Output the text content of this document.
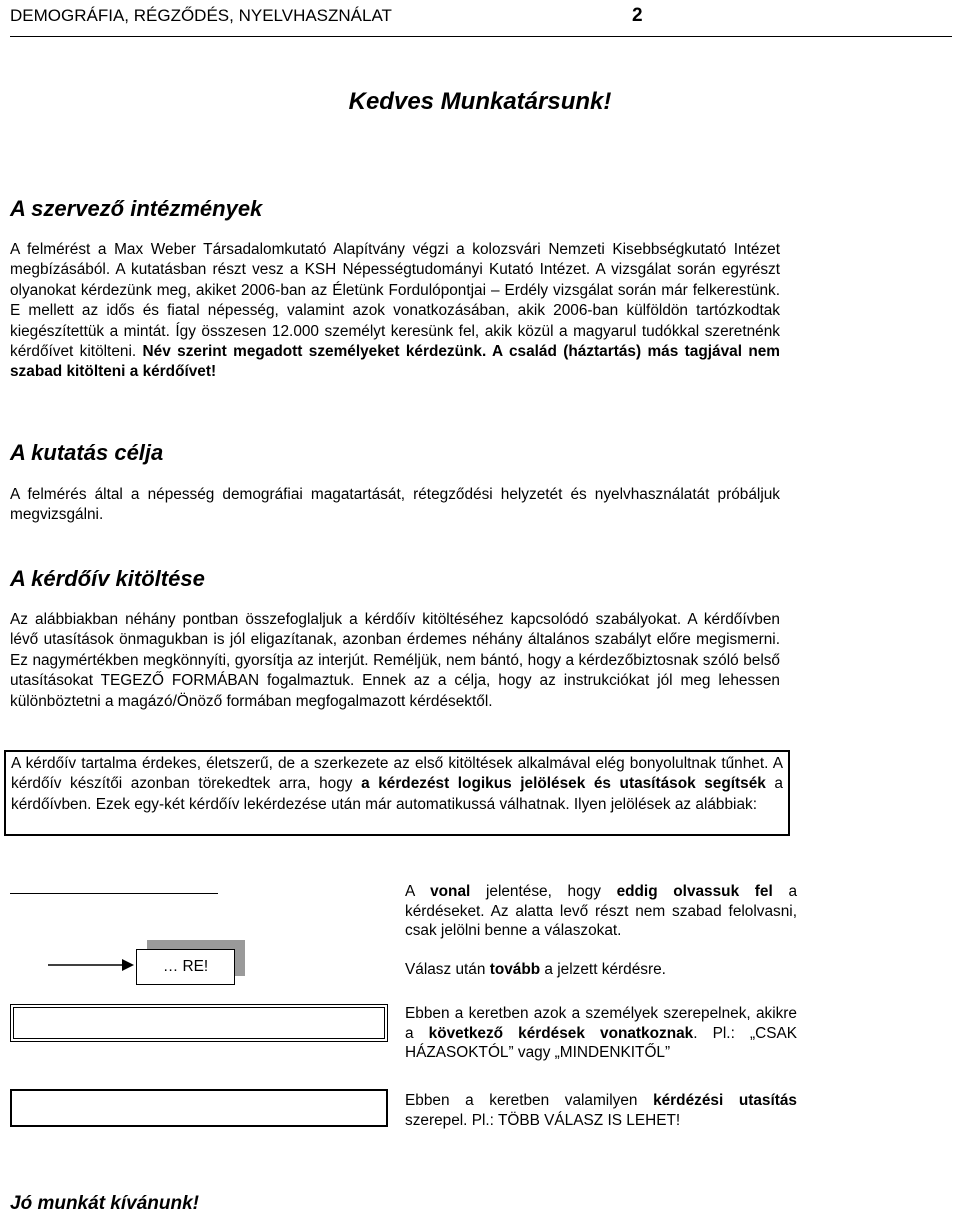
DEMOGRÁFIA, RÉGZŐDÉS, NYELVHASZNÁLAT	2
Kedves Munkatársunk!
A szervező intézmények
A felmérést a Max Weber Társadalomkutató Alapítvány végzi a kolozsvári Nemzeti Kisebbségkutató Intézet megbízásából. A kutatásban részt vesz a KSH Népességtudományi Kutató Intézet. A vizsgálat során egyrészt olyanokat kérdezünk meg, akiket 2006-ban az Életünk Fordulópontjai – Erdély vizsgálat során már felkerestünk. E mellett az idős és fiatal népesség, valamint azok vonatkozásában, akik 2006-ban külföldön tartózkodtak kiegészítettük a mintát. Így összesen 12.000 személyt keresünk fel, akik közül a magyarul tudókkal szeretnénk kérdőívet kitölteni. Név szerint megadott személyeket kérdezünk. A család (háztartás) más tagjával nem szabad kitölteni a kérdőívet!
A kutatás célja
A felmérés által a népesség demográfiai magatartását, rétegződési helyzetét és nyelvhasználatát próbáljuk megvizsgálni.
A kérdőív kitöltése
Az alábbiakban néhány pontban összefoglaljuk a kérdőív kitöltéséhez kapcsolódó szabályokat. A kérdőívben lévő utasítások önmagukban is jól eligazítanak, azonban érdemes néhány általános szabályt előre megismerni. Ez nagymértékben megkönnyíti, gyorsítja az interjút. Reméljük, nem bántó, hogy a kérdezőbiztosnak szóló belső utasításokat TEGEZŐ FORMÁBAN fogalmaztuk. Ennek az a célja, hogy az instrukciókat jól meg lehessen különböztetni a magázó/Önöző formában megfogalmazott kérdésektől.
A kérdőív tartalma érdekes, életszerű, de a szerkezete az első kitöltések alkalmával elég bonyolultnak tűnhet. A kérdőív készítői azonban törekedtek arra, hogy a kérdezést logikus jelölések és utasítások segítsék a kérdőívben. Ezek egy-két kérdőív lekérdezése után már automatikussá válhatnak. Ilyen jelölések az alábbiak:
… RE!
A vonal jelentése, hogy eddig olvassuk fel a kérdéseket. Az alatta levő részt nem szabad felolvasni, csak jelölni benne a válaszokat.
Válasz után tovább a jelzett kérdésre.
Ebben a keretben azok a személyek szerepelnek, akikre a következő kérdések vonatkoznak. Pl.: „CSAK HÁZASOKTÓL” vagy „MINDENKITŐL”
Ebben a keretben valamilyen kérdézési utasítás szerepel. Pl.: TÖBB VÁLASZ IS LEHET!
Jó munkát kívánunk!
